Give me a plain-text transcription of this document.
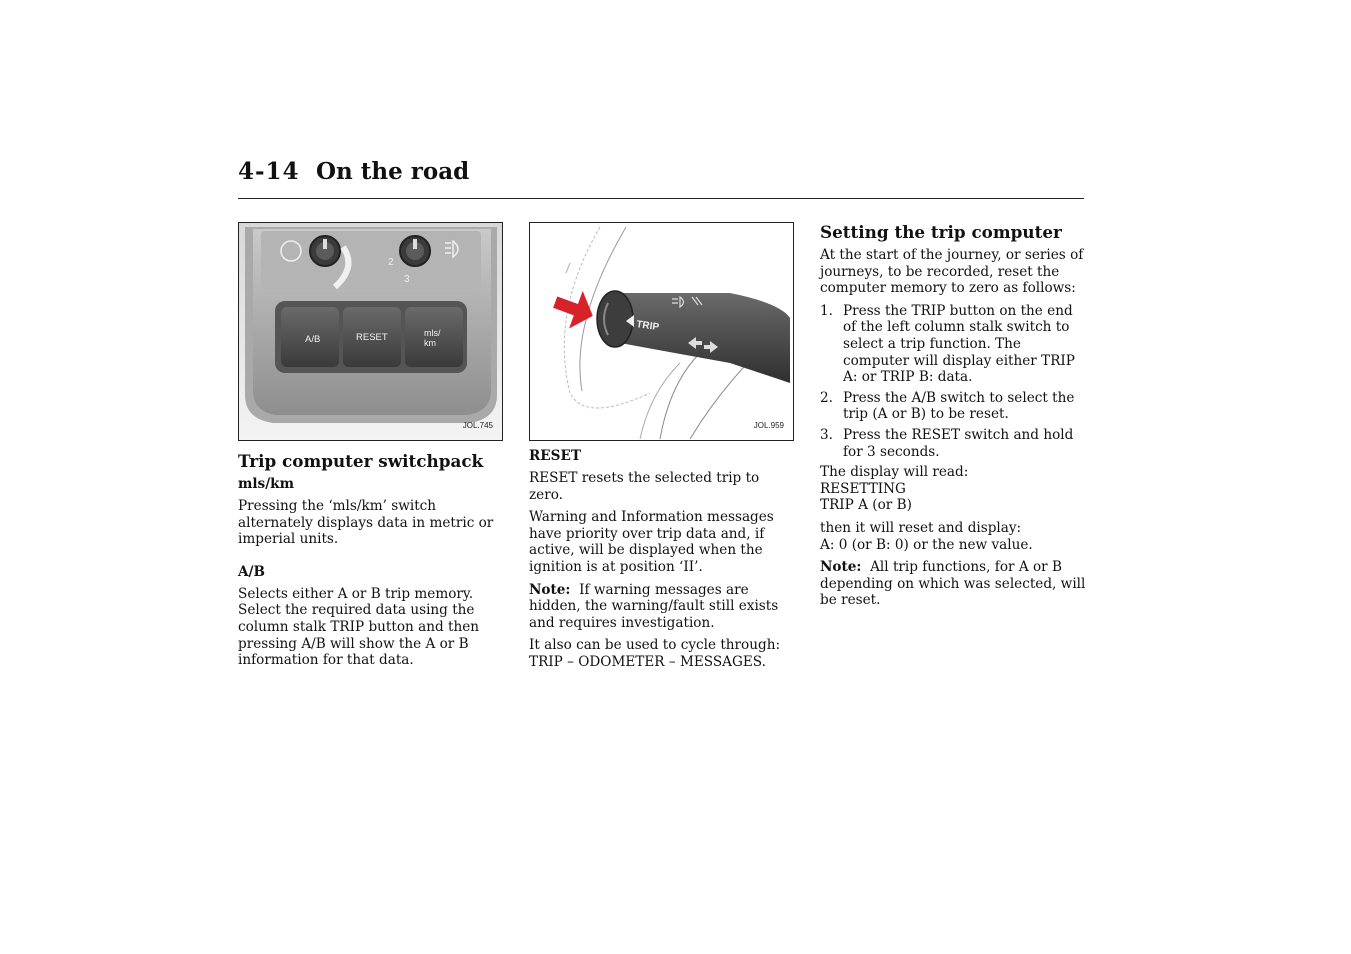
4-14 On the road
2
3
A/B	RESET	mls/
km
JOL.745
Trip computer switchpack
mls/km

Pressing the ‘mls/km’ switch alternately displays data in metric or imperial units.

A/B

Selects either A or B trip memory. Select the required data using the column stalk TRIP button and then pressing A/B will show the A or B information for that data.

TRIP
JOL.959
RESET

RESET resets the selected trip to zero.

Warning and Information messages have priority over trip data and, if active, will be displayed when the ignition is at position ‘II’.

Note: If warning messages are hidden, the warning/fault still exists and requires investigation.

It also can be used to cycle through:
TRIP – ODOMETER – MESSAGES.

Setting the trip computer

At the start of the journey, or series of journeys, to be recorded, reset the computer memory to zero as follows:

1. Press the TRIP button on the end of the left column stalk switch to select a trip function. The computer will display either TRIP A: or TRIP B: data.
2. Press the A/B switch to select the trip (A or B) to be reset.
3. Press the RESET switch and hold for 3 seconds.

The display will read:
RESETTING
TRIP A (or B)

then it will reset and display:
A: 0 (or B: 0) or the new value.

Note: All trip functions, for A or B depending on which was selected, will be reset.
